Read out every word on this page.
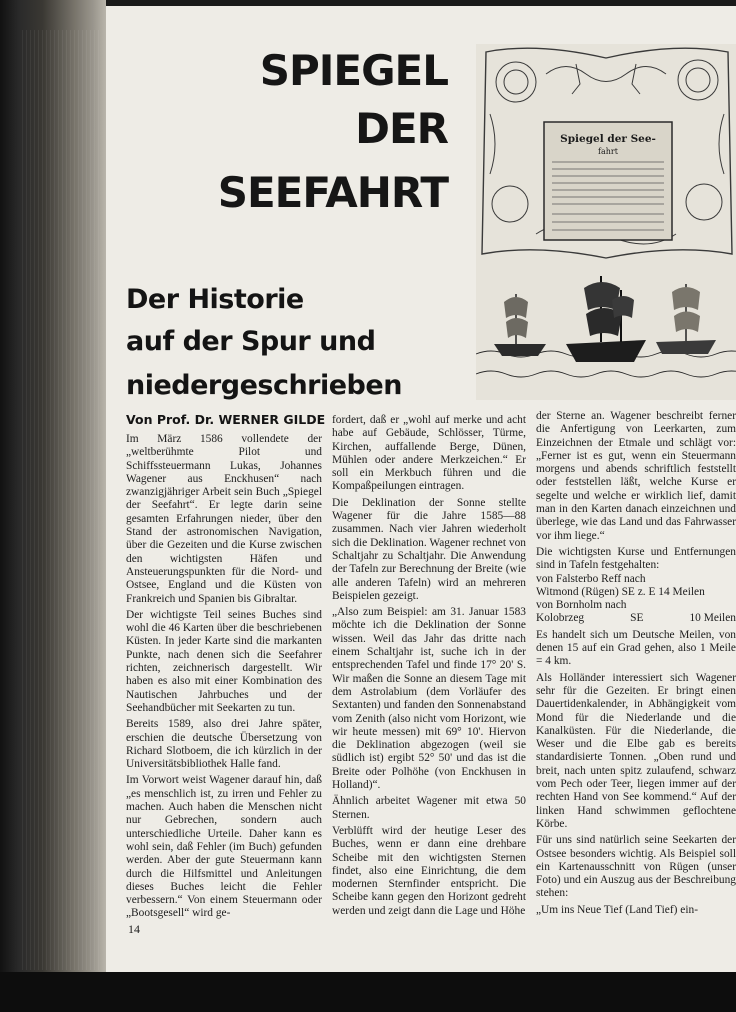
SPIEGEL
DER
SEEFAHRT
Spiegel der See-
fahrt
Der Historie
auf der Spur und
niedergeschrieben
Von Prof. Dr. WERNER GILDE

Im März 1586 vollendete der „weltberühmte Pilot und Schiffssteuermann Lukas, Johannes Wagener aus Enckhusen“ nach zwanzigjähriger Arbeit sein Buch „Spiegel der Seefahrt“. Er legte darin seine gesamten Erfahrungen nieder, über den Stand der astronomischen Navigation, über die Gezeiten und die Kurse zwischen den wichtigsten Häfen und Ansteuerungspunkten für die Nord- und Ostsee, England und die Küsten von Frankreich und Spanien bis Gibraltar.

Der wichtigste Teil seines Buches sind wohl die 46 Karten über die beschriebenen Küsten. In jeder Karte sind die markanten Punkte, nach denen sich die Seefahrer richten, zeichnerisch dargestellt. Wir haben es also mit einer Kombination des Nautischen Jahrbuches und der Seehandbücher mit Seekarten zu tun.

Bereits 1589, also drei Jahre später, erschien die deutsche Übersetzung von Richard Slotboem, die ich kürzlich in der Universitätsbibliothek Halle fand.

Im Vorwort weist Wagener darauf hin, daß „es menschlich ist, zu irren und Fehler zu machen. Auch haben die Menschen nicht nur Gebrechen, sondern auch unterschiedliche Urteile. Daher kann es wohl sein, daß Fehler (im Buch) gefunden werden. Aber der gute Steuermann kann durch die Hilfsmittel und Anleitungen dieses Buches leicht die Fehler verbessern.“ Von einem Steuermann oder „Bootsgesell“ wird ge-

fordert, daß er „wohl auf merke und acht habe auf Gebäude, Schlösser, Türme, Kirchen, auffallende Berge, Dünen, Mühlen oder andere Merkzeichen.“ Er soll ein Merkbuch führen und die Kompaßpeilungen eintragen.

Die Deklination der Sonne stellte Wagener für die Jahre 1585—88 zusammen. Nach vier Jahren wiederholt sich die Deklination. Wagener rechnet von Schaltjahr zu Schaltjahr. Die Anwendung der Tafeln zur Berechnung der Breite (wie alle anderen Tafeln) wird an mehreren Beispielen gezeigt.

„Also zum Beispiel: am 31. Januar 1583 möchte ich die Deklination der Sonne wissen. Weil das Jahr das dritte nach einem Schaltjahr ist, suche ich in der entsprechenden Tafel und finde 17° 20' S. Wir maßen die Sonne an diesem Tage mit dem Astrolabium (dem Vorläufer des Sextanten) und fanden den Sonnenabstand vom Zenith (also nicht vom Horizont, wie wir heute messen) mit 69° 10'. Hiervon die Deklination abgezogen (weil sie südlich ist) ergibt 52° 50' und das ist die Breite oder Polhöhe (von Enckhusen in Holland)“.

Ähnlich arbeitet Wagener mit etwa 50 Sternen.

Verblüfft wird der heutige Leser des Buches, wenn er dann eine drehbare Scheibe mit den wichtigsten Sternen findet, also eine Einrichtung, die dem modernen Sternfinder entspricht. Die Scheibe kann gegen den Horizont gedreht werden und zeigt dann die Lage und Höhe

der Sterne an. Wagener beschreibt ferner die Anfertigung von Leerkarten, zum Einzeichnen der Etmale und schlägt vor: „Ferner ist es gut, wenn ein Steuermann morgens und abends schriftlich feststellt oder feststellen läßt, welche Kurse er segelte und welche er wirklich lief, damit man in den Karten danach einzeichnen und überlege, wie das Land und das Fahrwasser vor ihm liege.“

Die wichtigsten Kurse und Entfernungen sind in Tafeln festgehalten:

von Falsterbo Reff nach
Witmond (Rügen) SE z. E 14 Meilen
von Bornholm nach
Kolobrzeg	SE	10 Meilen

Es handelt sich um Deutsche Meilen, von denen 15 auf ein Grad gehen, also 1 Meile = 4 km.

Als Holländer interessiert sich Wagener sehr für die Gezeiten. Er bringt einen Dauertidenkalender, in Abhängigkeit vom Mond für die Niederlande und die Kanalküsten. Für die Niederlande, die Weser und die Elbe gab es bereits standardisierte Tonnen. „Oben rund und breit, nach unten spitz zulaufend, schwarz vom Pech oder Teer, liegen immer auf der rechten Hand von See kommend.“ Auf der linken Hand schwimmen geflochtene Körbe.

Für uns sind natürlich seine Seekarten der Ostsee besonders wichtig. Als Beispiel soll ein Kartenausschnitt von Rügen (unser Foto) und ein Auszug aus der Beschreibung stehen:

„Um ins Neue Tief (Land Tief) ein-

14
